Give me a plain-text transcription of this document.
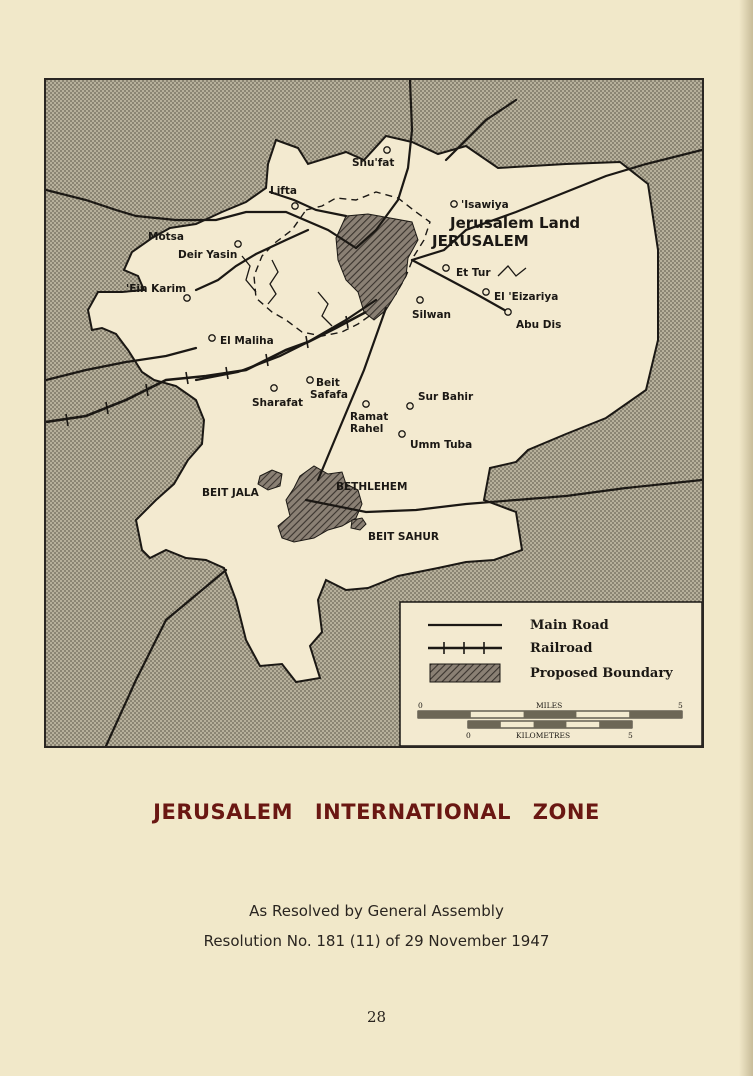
Shu'fat
Lifta
'Isawiya
Jerusalem Land
JERUSALEM
Motsa
Deir Yasin
Et Tur
'Ein Karim
El 'Eizariya
Silwan
Abu Dis
El Maliha
Beit
Safafa
Sharafat	Sur Bahir
Ramat
Rahel
Umm Tuba
BEIT JALA	BETHLEHEM
BEIT SAHUR
Main Road
Railroad
Proposed Boundary
0	MILES	5
0	KILOMETRES	5
JERUSALEM INTERNATIONAL ZONE
As Resolved by General Assembly
Resolution No. 181 (11) of 29 November 1947
28
